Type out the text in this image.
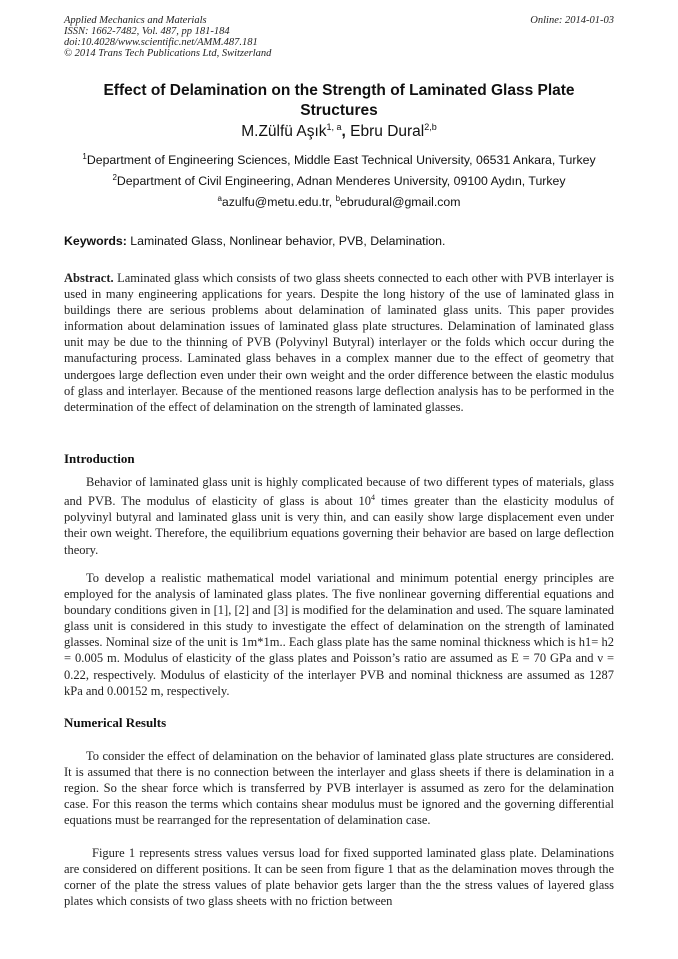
Applied Mechanics and Materials
ISSN: 1662-7482, Vol. 487, pp 181-184
doi:10.4028/www.scientific.net/AMM.487.181
© 2014 Trans Tech Publications Ltd, Switzerland
Online: 2014-01-03
Effect of Delamination on the Strength of Laminated Glass Plate Structures
M.Zülfü Aşık$^{1, a}$, Ebru Dural$^{2,b}$
$^1$Department of Engineering Sciences, Middle East Technical University, 06531 Ankara, Turkey
$^2$Department of Civil Engineering, Adnan Menderes University, 09100 Aydın, Turkey
$^a$azulfu@metu.edu.tr, $^b$ebrudural@gmail.com
Keywords: Laminated Glass, Nonlinear behavior, PVB, Delamination.

Abstract. Laminated glass which consists of two glass sheets connected to each other with PVB interlayer is used in many engineering applications for years. Despite the long history of the use of laminated glass in buildings there are serious problems about delamination of laminated glass units. This paper provides information about delamination issues of laminated glass plate structures. Delamination of laminated glass unit may be due to the thinning of PVB (Polyvinyl Butyral) interlayer or the folds which occur during the manufacturing process. Laminated glass behaves in a complex manner due to the effect of geometry that undergoes large deflection even under their own weight and the order difference between the elastic modulus of glass and interlayer. Because of the mentioned reasons large deflection analysis has to be performed in the determination of the effect of delamination on the strength of laminated glasses.

Introduction

Behavior of laminated glass unit is highly complicated because of two different types of materials, glass and PVB. The modulus of elasticity of glass is about $10^4$ times greater than the elasticity modulus of polyvinyl butyral and laminated glass unit is very thin, and can easily show large displacement even under their own weight. Therefore, the equilibrium equations governing their behavior are based on large deflection theory.

To develop a realistic mathematical model variational and minimum potential energy principles are employed for the analysis of laminated glass plates. The five nonlinear governing differential equations and boundary conditions given in [1], [2] and [3] is modified for the delamination and used. The square laminated glass unit is considered in this study to investigate the effect of delamination on the strength of laminated glasses. Nominal size of the unit is 1m*1m.. Each glass plate has the same nominal thickness which is h1= h2 = 0.005 m. Modulus of elasticity of the glass plates and Poisson’s ratio are assumed as E = 70 GPa and ν = 0.22, respectively. Modulus of elasticity of the interlayer PVB and nominal thickness are assumed as 1287 kPa and 0.00152 m, respectively.

Numerical Results

To consider the effect of delamination on the behavior of laminated glass plate structures are considered. It is assumed that there is no connection between the interlayer and glass sheets if there is delamination in a region. So the shear force which is transferred by PVB interlayer is assumed as zero for the delamination case. For this reason the terms which contains shear modulus must be ignored and the governing differential equations must be rearranged for the representation of delamination case.

Figure 1 represents stress values versus load for fixed supported laminated glass plate. Delaminations are considered on different positions. It can be seen from figure 1 that as the delamination moves through the corner of the plate the stress values of plate behavior gets larger than the the stress values of layered glass plates which consists of two glass sheets with no friction between
